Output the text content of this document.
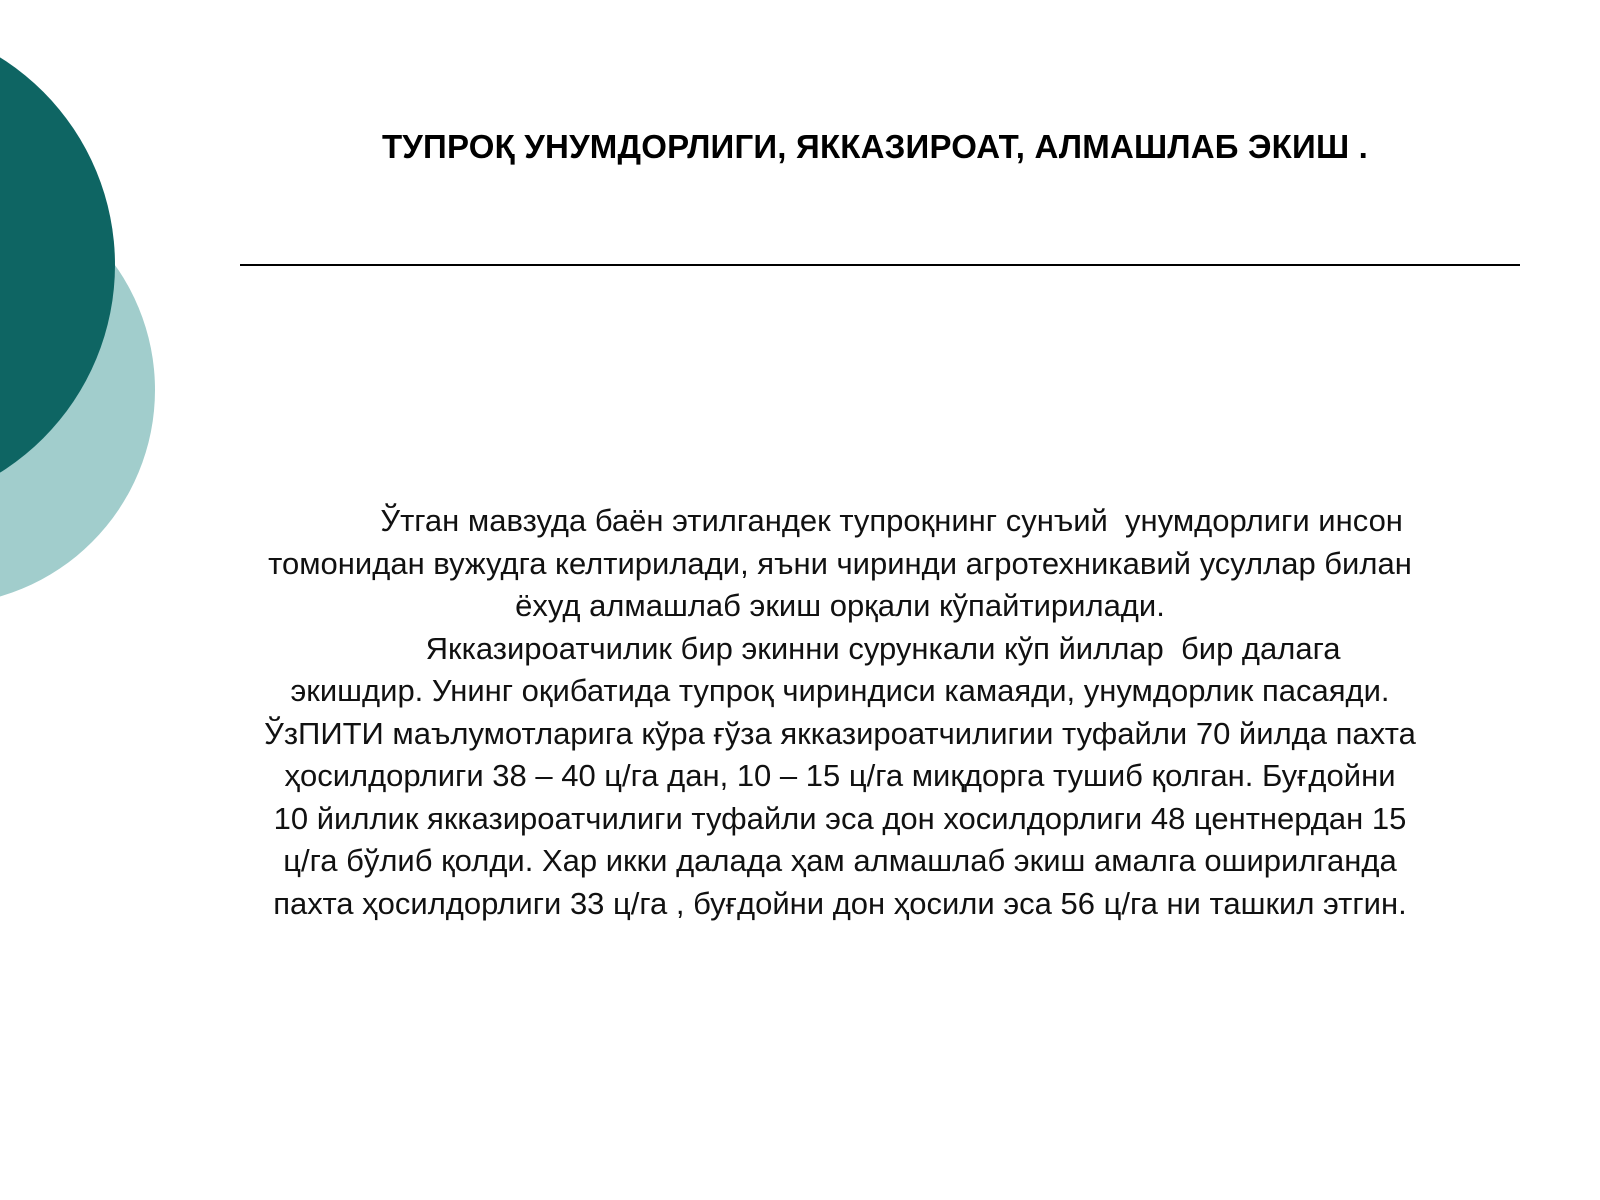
ТУПРОҚ УНУМДОРЛИГИ, ЯККАЗИРОАТ, АЛМАШЛАБ ЭКИШ .
Ўтган мавзуда баён этилгандек тупроқнинг сунъий  унумдорлиги инсон
томонидан вужудга келтирилади, яъни чиринди агротехникавий усуллар билан
ёхуд алмашлаб экиш орқали кўпайтирилади.
Якказироатчилик бир экинни сурункали кўп йиллар  бир далага
экишдир. Унинг оқибатида тупроқ чириндиси камаяди, унумдорлик пасаяди.
ЎзПИТИ маълумотларига кўра ғўза якказироатчилигии туфайли 70 йилда пахта
ҳосилдорлиги 38 – 40 ц/га дан, 10 – 15 ц/га миқдорга тушиб қолган. Буғдойни
10 йиллик якказироатчилиги туфайли эса дон хосилдорлиги 48 центнердан 15
ц/га бўлиб қолди. Хар икки далада ҳам алмашлаб экиш амалга оширилганда
пахта ҳосилдорлиги 33 ц/га , буғдойни дон ҳосили эса 56 ц/га ни ташкил этгин.
